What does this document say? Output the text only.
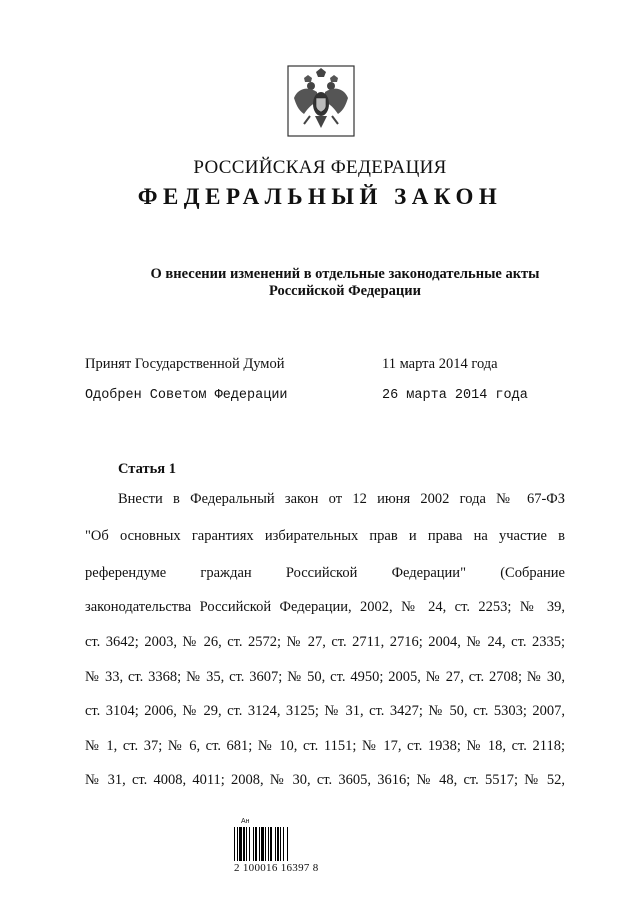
РОССИЙСКАЯ ФЕДЕРАЦИЯ
ФЕДЕРАЛЬНЫЙ ЗАКОН
О внесении изменений в отдельные законодательные акты
Российской Федерации
Принят Государственной Думой	11 марта 2014 года
Одобрен Советом Федерации	26 марта 2014 года
Статья 1
Внести в Федеральный закон от 12 июня 2002 года № 67-ФЗ
"Об основных гарантиях избирательных прав и права на участие в
референдуме граждан Российской Федерации" (Собрание
законодательства Российской Федерации, 2002, № 24, ст. 2253; № 39,
ст. 3642; 2003, № 26, ст. 2572; № 27, ст. 2711, 2716; 2004, № 24, ст. 2335;
№ 33, ст. 3368; № 35, ст. 3607; № 50, ст. 4950; 2005, № 27, ст. 2708; № 30,
ст. 3104; 2006, № 29, ст. 3124, 3125; № 31, ст. 3427; № 50, ст. 5303; 2007,
№ 1, ст. 37; № 6, ст. 681; № 10, ст. 1151; № 17, ст. 1938; № 18, ст. 2118;
№ 31, ст. 4008, 4011; 2008, № 30, ст. 3605, 3616; № 48, ст. 5517; № 52,
Ан
2 100016 16397 8
